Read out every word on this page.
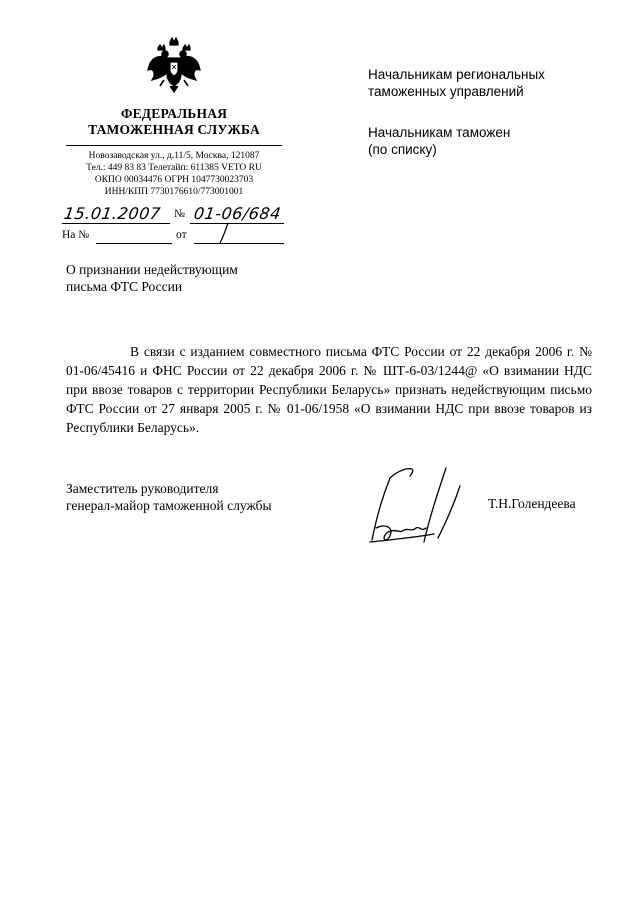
ФЕДЕРАЛЬНАЯ
ТАМОЖЕННАЯ СЛУЖБА
Новозаводская ул., д.11/5, Москва, 121087
Тел.: 449 83 83 Телетайп: 611385 VETO RU
ОКПО 00034476 ОГРН 1047730023703
ИНН/КПП 7730176610/773001001
15.01.2007 № 01-06/684
На №	от
Начальникам региональных
таможенных управлений
Начальникам таможен
(по списку)
О признании недействующим
письма ФТС России

В связи с изданием совместного письма ФТС России от 22 декабря 2006 г. № 01-06/45416 и ФНС России от 22 декабря 2006 г. № ШТ-6-03/1244@ «О взимании НДС при ввозе товаров с территории Республики Беларусь» признать недействующим письмо ФТС России от 27 января 2005 г. № 01-06/1958 «О взимании НДС при ввозе товаров из Республики Беларусь».

Заместитель руководителя
генерал-майор таможенной службы	Т.Н.Голендеева
